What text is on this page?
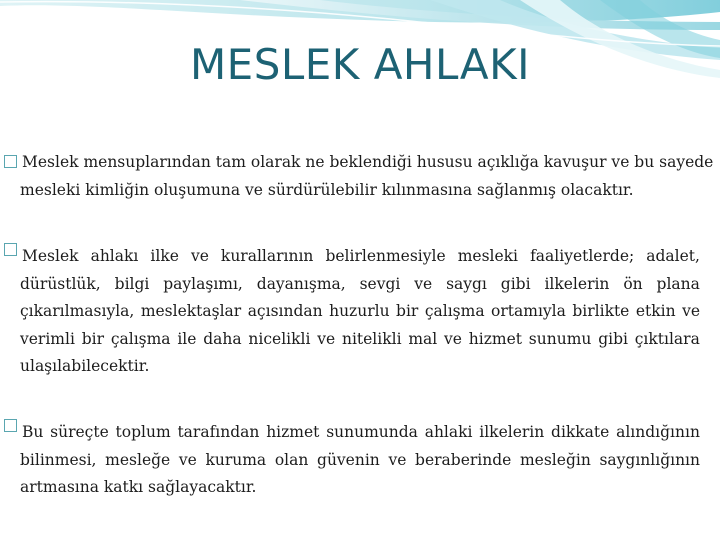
MESLEK AHLAKI
Meslek mensuplarından tam olarak ne beklendiği hususu açıklığa kavuşur ve bu sayede
mesleki kimliğin oluşumuna ve sürdürülebilir kılınmasına sağlanmış olacaktır.
Meslek ahlakı ilke ve kurallarının belirlenmesiyle mesleki faaliyetlerde; adalet,
dürüstlük, bilgi paylaşımı, dayanışma, sevgi ve saygı gibi ilkelerin ön plana
çıkarılmasıyla, meslektaşlar açısından huzurlu bir çalışma ortamıyla birlikte etkin ve
verimli bir çalışma ile daha nicelikli ve nitelikli mal ve hizmet sunumu gibi çıktılara
ulaşılabilecektir.
Bu süreçte toplum tarafından hizmet sunumunda ahlaki ilkelerin dikkate alındığının
bilinmesi, mesleğe ve kuruma olan güvenin ve beraberinde mesleğin saygınlığının
artmasına katkı sağlayacaktır.
